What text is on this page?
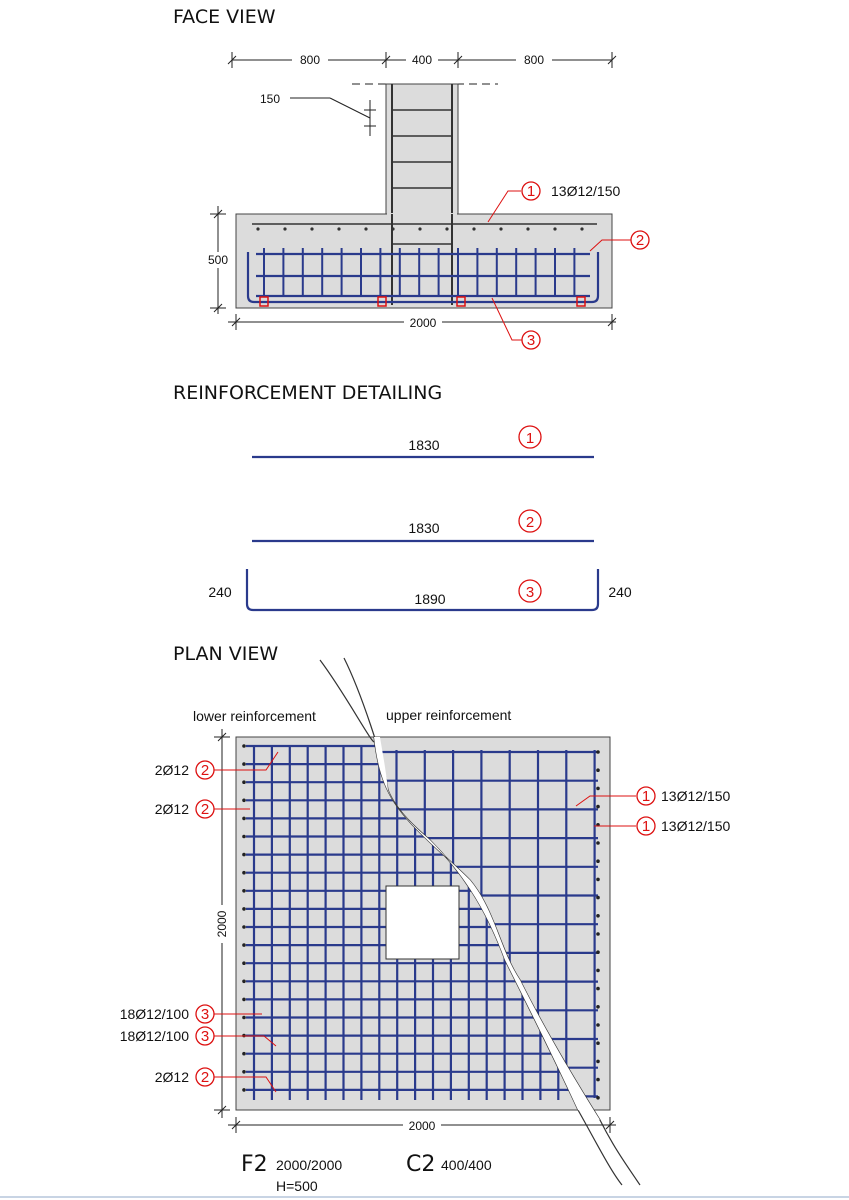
FACE VIEW
800	400	800
150
500
2000
1 13Ø12/150
2
3
REINFORCEMENT DETAILING
1830	1
1830	2
1890
240	240
3
PLAN VIEW
lower reinforcement	upper reinforcement
2000
2000
2
2Ø12
2
2Ø12
3
18Ø12/100
3
18Ø12/100
2
2Ø12
1 13Ø12/150
1 13Ø12/150
F2 2000/2000
H=500
C2 400/400
